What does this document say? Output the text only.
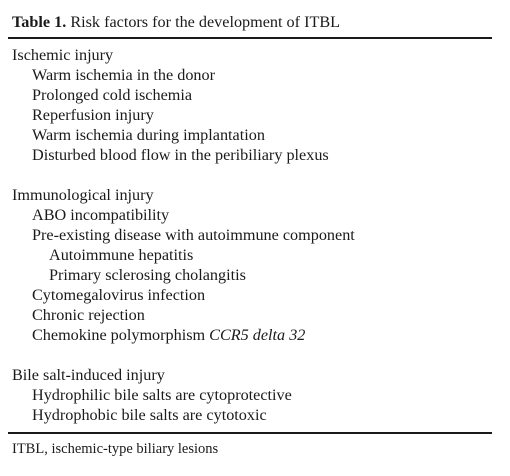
Table 1. Risk factors for the development of ITBL
Ischemic injury
Warm ischemia in the donor
Prolonged cold ischemia
Reperfusion injury
Warm ischemia during implantation
Disturbed blood flow in the peribiliary plexus
Immunological injury
ABO incompatibility
Pre-existing disease with autoimmune component
Autoimmune hepatitis
Primary sclerosing cholangitis
Cytomegalovirus infection
Chronic rejection
Chemokine polymorphism CCR5 delta 32
Bile salt-induced injury
Hydrophilic bile salts are cytoprotective
Hydrophobic bile salts are cytotoxic
ITBL, ischemic-type biliary lesions
